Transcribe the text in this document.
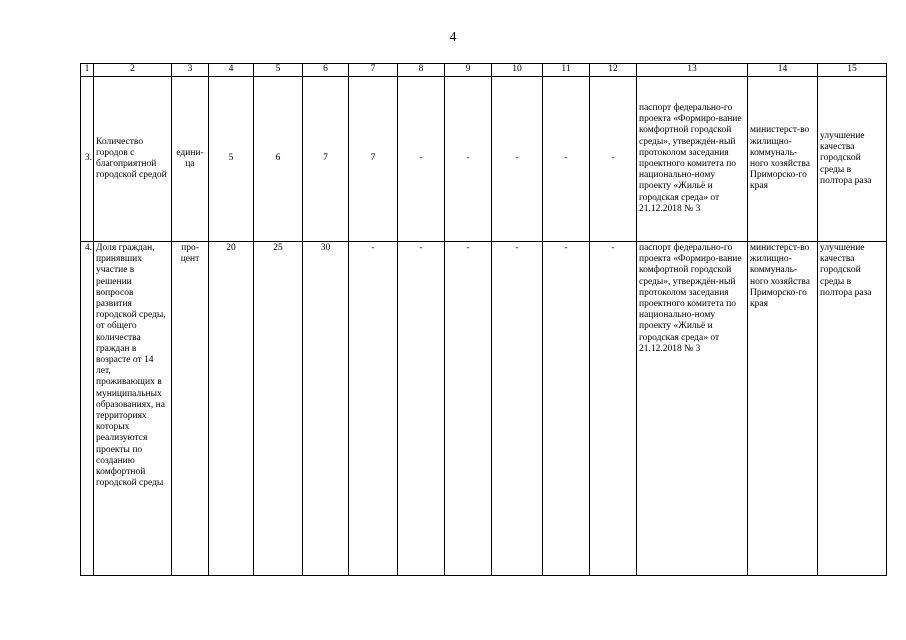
4
1	2	3	4	5	6	7	8	9	10	11	12	13	14	15
3.	Количество городов с благоприятной городской средой	едини-ца	5	6	7	7	-	-	-	-	-	паспорт федерально-го проекта «Формиро-вание комфортной городской среды», утверждён-ный протоколом заседания проектного комитета по национально-ному проекту «Жильё и городская среда» от 21.12.2018 № 3	министерст-во жилищно-коммуналь-ного хозяйства Приморско-го края	улучшение качества городской среды в полтора раза
4.	Доля граждан, принявших участие в решении вопросов развития городской среды, от общего количества граждан в возрасте от 14 лет, проживающих в муниципальных образованиях, на территориях которых реализуются проекты по созданию комфортной городской среды	про-цент	20	25	30	-	-	-	-	-	-	паспорт федерально-го проекта «Формиро-вание комфортной городской среды», утверждён-ный протоколом заседания проектного комитета по национально-ному проекту «Жильё и городская среда» от 21.12.2018 № 3	министерст-во жилищно-коммуналь-ного хозяйства Приморско-го края	улучшение качества городской среды в полтора раза
